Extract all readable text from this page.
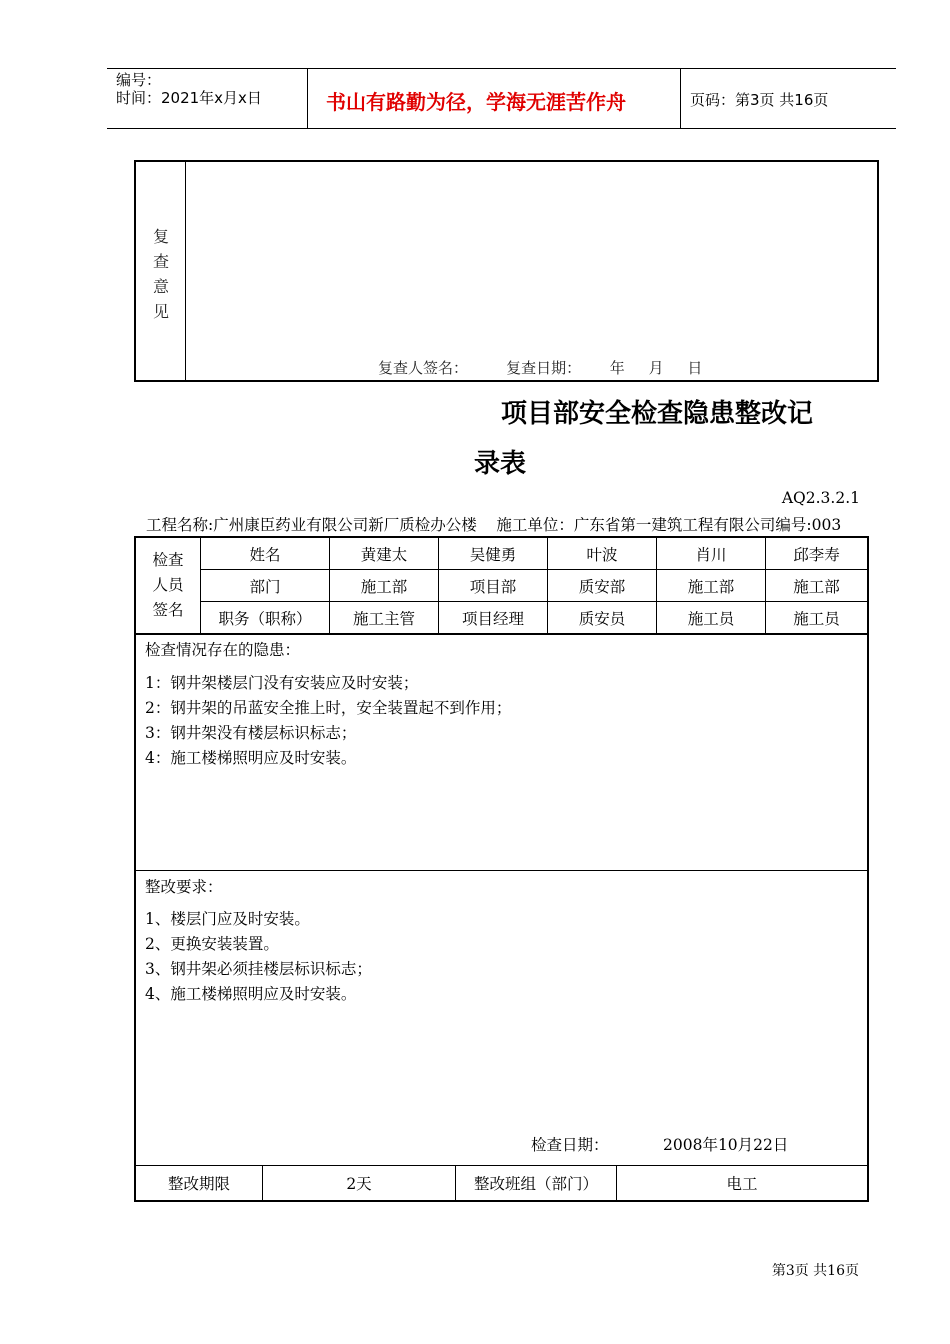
编号：
时间：2021年x月x日	书山有路勤为径，学海无涯苦作舟	页码：第3页 共16页
复
查
意
见
复查人签名：        复查日期：      年     月     日
项目部安全检查隐患整改记
录表
AQ2.3.2.1
工程名称:广州康臣药业有限公司新厂质检办公楼    施工单位：广东省第一建筑工程有限公司编号:003
检查
人员
签名	姓名	黄建太	吴健勇	叶波	肖川	邱李寿
	部门	施工部	项目部	质安部	施工部	施工部
	职务（职称）	施工主管	项目经理	质安员	施工员	施工员
检查情况存在的隐患：
1：钢井架楼层门没有安装应及时安装；
2：钢井架的吊蓝安全推上时，安全装置起不到作用；
3：钢井架没有楼层标识标志；
4：施工楼梯照明应及时安装。
整改要求：
1、楼层门应及时安装。
2、更换安装装置。
3、钢井架必须挂楼层标识标志；
4、施工楼梯照明应及时安装。
检查日期：	2008年10月22日
整改期限	2天	整改班组（部门）	电工
第3页 共16页
